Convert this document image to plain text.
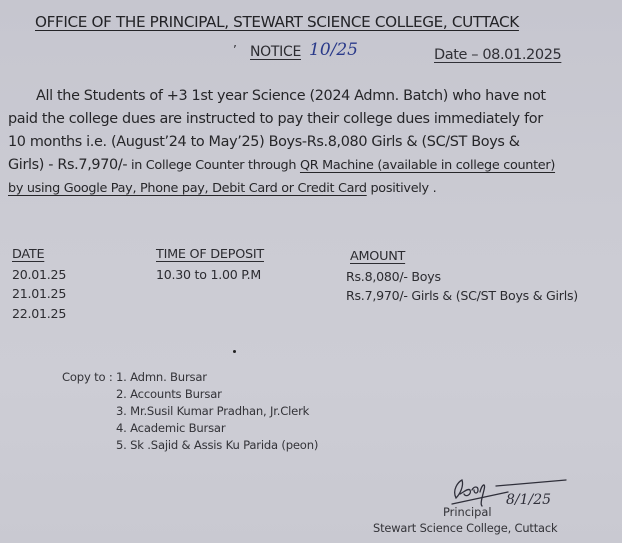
OFFICE OF THE PRINCIPAL, STEWART SCIENCE COLLEGE, CUTTACK
’ NOTICE 10/25	Date – 08.01.2025

All the Students of +3 1st year Science (2024 Admn. Batch) who have not

paid the college dues are instructed to pay their college dues immediately for

10 months i.e. (August’24 to May’25) Boys-Rs.8,080 Girls & (SC/ST Boys &

Girls) - Rs.7,970/- in College Counter through QR Machine (available in college counter)

by using Google Pay, Phone pay, Debit Card or Credit Card positively .

DATE
20.01.25
21.01.25
22.01.25
TIME OF DEPOSIT
10.30 to 1.00 P.M
AMOUNT
Rs.8,080/- Boys
Rs.7,970/- Girls & (SC/ST Boys & Girls)
Copy to : 1. Admn. Bursar
2. Accounts Bursar
3. Mr.Susil Kumar Pradhan, Jr.Clerk
4. Academic Bursar
5. Sk .Sajid & Assis Ku Parida (peon)
8/1/25
Principal
Stewart Science College, Cuttack
